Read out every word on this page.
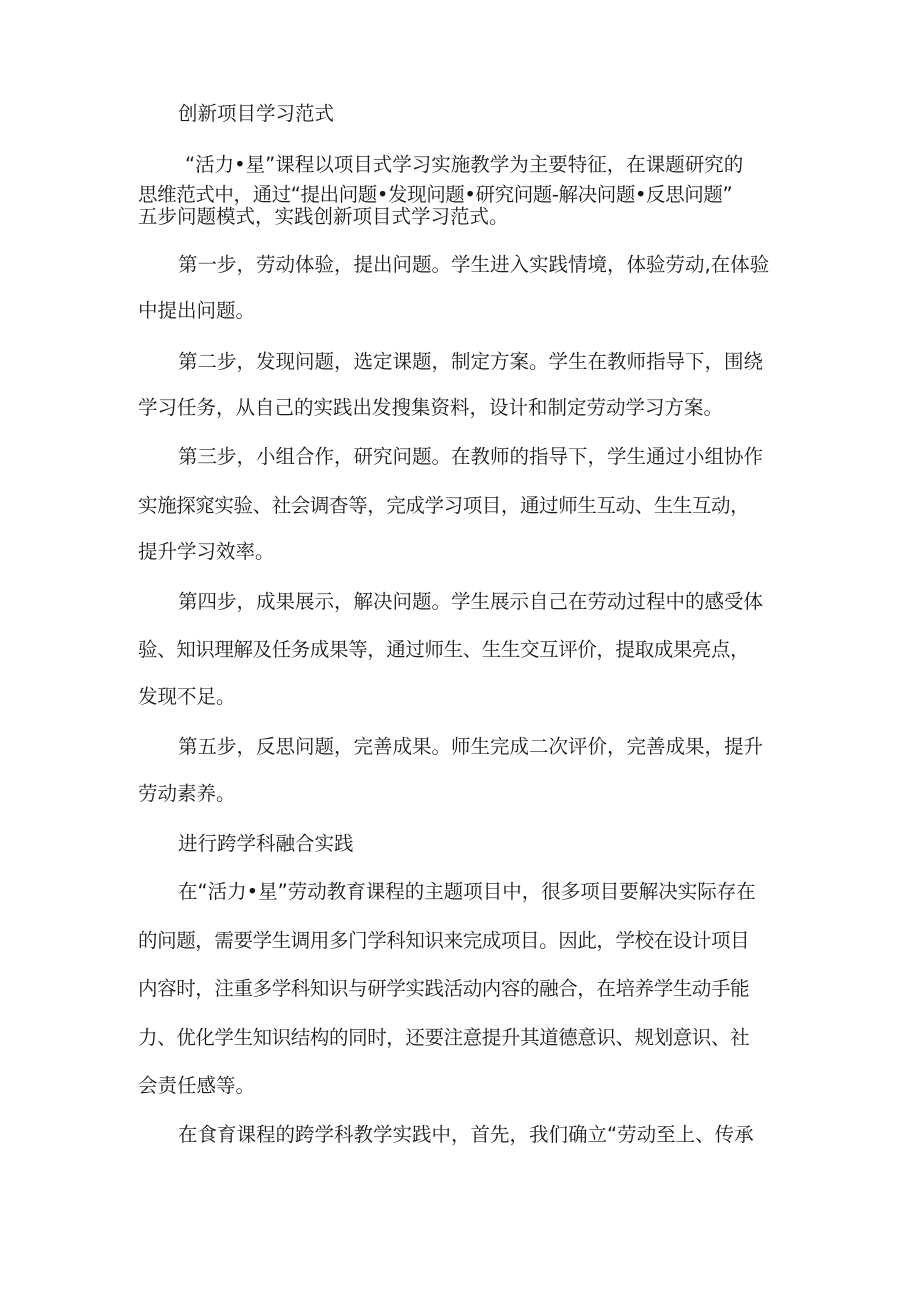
创新项目学习范式
“活力•星”课程以项目式学习实施教学为主要特征，在课题研究的
思维范式中，通过“提出问题•发现问题•研究问题-解决问题•反思问题”
五步问题模式，实践创新项目式学习范式。
第一步，劳动体验，提出问题。学生进入实践情境，体验劳动,在体验
中提出问题。
第二步，发现问题，选定课题，制定方案。学生在教师指导下，围绕
学习任务，从自己的实践出发搜集资料，设计和制定劳动学习方案。
第三步，小组合作，研究问题。在教师的指导下，学生通过小组协作
实施探窕实验、社会调杳等，完成学习项目，通过师生互动、生生互动，
提升学习效率。
第四步，成果展示，解决问题。学生展示自己在劳动过程中的感受体
验、知识理解及任务成果等，通过师生、生生交互评价，提取成果亮点，
发现不足。
第五步，反思问题，完善成果。师生完成二次评价，完善成果，提升
劳动素养。
进行跨学科融合实践
在“活力•星”劳动教育课程的主题项目中，很多项目要解决实际存在
的问题，需要学生调用多门学科知识来完成项目。因此，学校在设计项目
内容时，注重多学科知识与研学实践活动内容的融合，在培养学生动手能
力、优化学生知识结构的同时，还要注意提升其道德意识、规划意识、社
会责任感等。
在食育课程的跨学科教学实践中，首先，我们确立“劳动至上、传承
